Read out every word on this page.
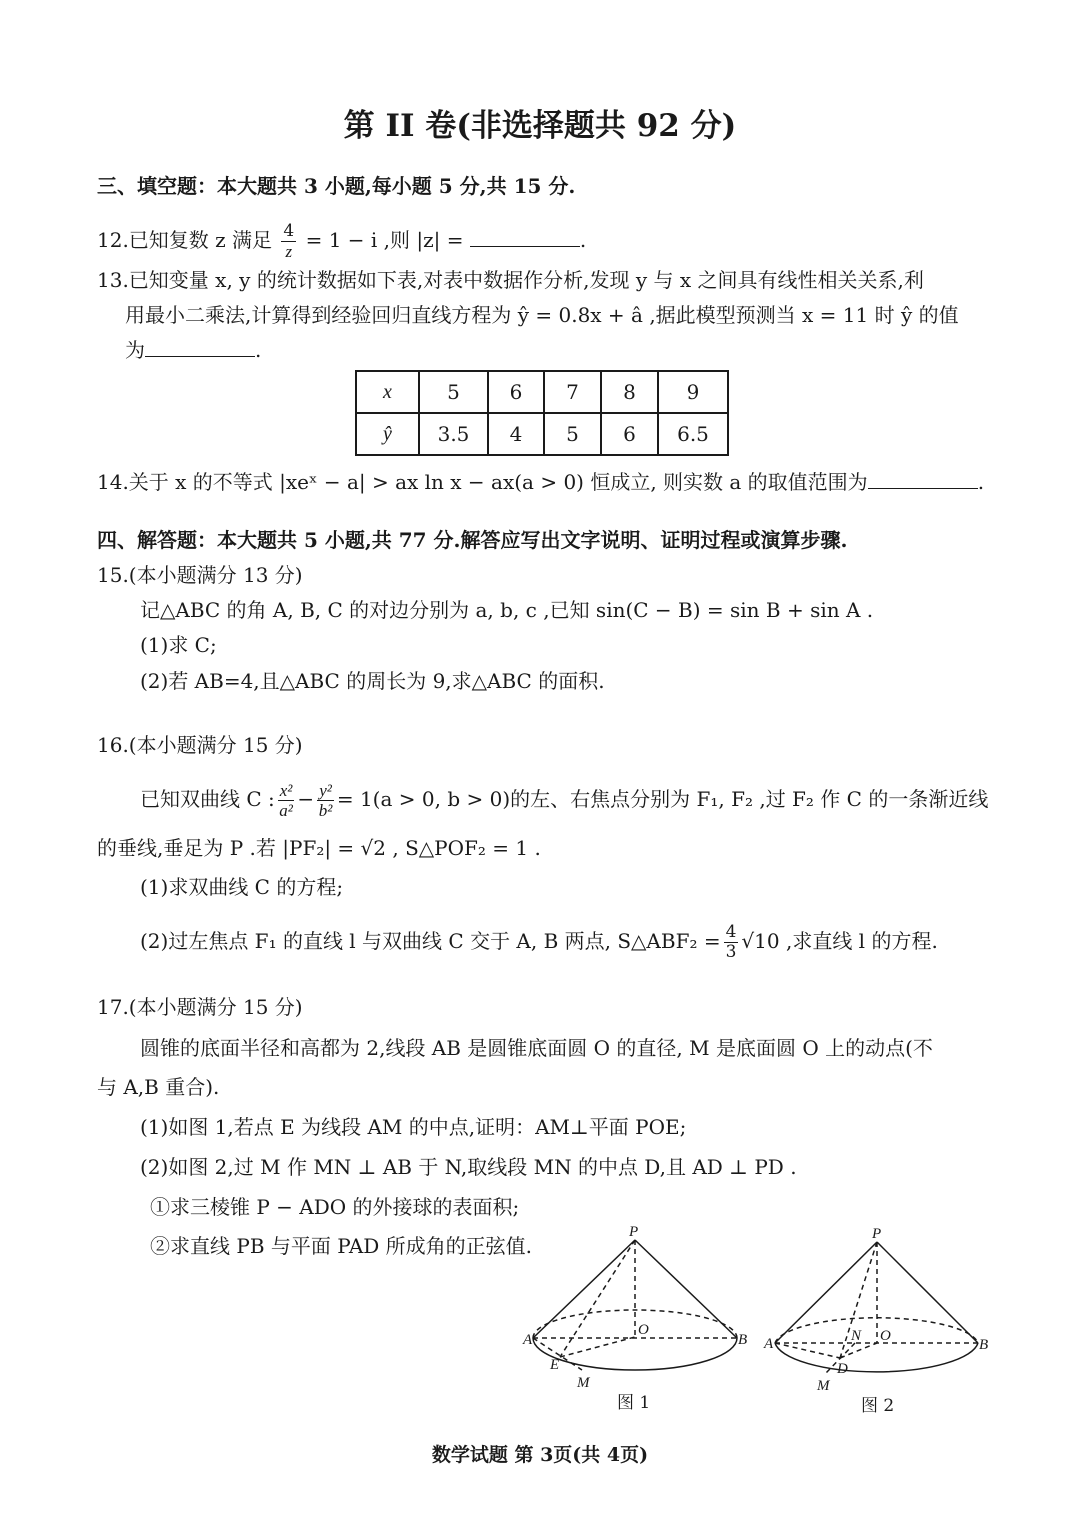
第 II 卷(非选择题共 92 分)
三、填空题：本大题共 3 小题,每小题 5 分,共 15 分.
12.已知复数 z 满足 $\frac{4}{z} = 1 - i$ ,则 |z| =	.
13.已知变量 x, y 的统计数据如下表,对表中数据作分析,发现 y 与 x 之间具有线性相关关系,利
用最小二乘法,计算得到经验回归直线方程为 ŷ = 0.8x + â ,据此模型预测当 x = 11 时 ŷ 的值
为	.
x	5	6	7	8	9
ŷ	3.5	4	5	6	6.5
14.关于 x 的不等式 |xeˣ − a| > ax ln x − ax(a > 0) 恒成立, 则实数 a 的取值范围为	.
四、解答题：本大题共 5 小题,共 77 分.解答应写出文字说明、证明过程或演算步骤.
15.(本小题满分 13 分)
记△ABC 的角 A, B, C 的对边分别为 a, b, c ,已知 sin(C − B) = sin B + sin A .
(1)求 C;
(2)若 AB=4,且△ABC 的周长为 9,求△ABC 的面积.
16.(本小题满分 15 分)
已知双曲线 C : $\frac{\text{x²}}{\text{a²}} - \frac{\text{y²}}{\text{b²}} = 1(a > 0$, b > 0)的左、右焦点分别为 F₁, F₂ ,过 F₂ 作 C 的一条渐近线
的垂线,垂足为 P .若 |PF₂| = √2 , S△POF₂ = 1 .
(1)求双曲线 C 的方程;
(2)过左焦点 F₁ 的直线 l 与双曲线 C 交于 A, B 两点, S△ABF₂ = $\frac{4}{3} √10$ ,求直线 l 的方程.
17.(本小题满分 15 分)
圆锥的底面半径和高都为 2,线段 AB 是圆锥底面圆 O 的直径, M 是底面圆 O 上的动点(不
与 A,B 重合).
(1)如图 1,若点 E 为线段 AM 的中点,证明：AM⊥平面 POE;
(2)如图 2,过 M 作 MN ⊥ AB 于 N,取线段 MN 的中点 D,且 AD ⊥ PD .
①求三棱锥 P − ADO 的外接球的表面积;
②求直线 PB 与平面 PAD 所成角的正弦值.
P
O
A	B
E
M
图 1
P
N O
A	B
D
M
图 2
数学试题 第 3页(共 4页)
